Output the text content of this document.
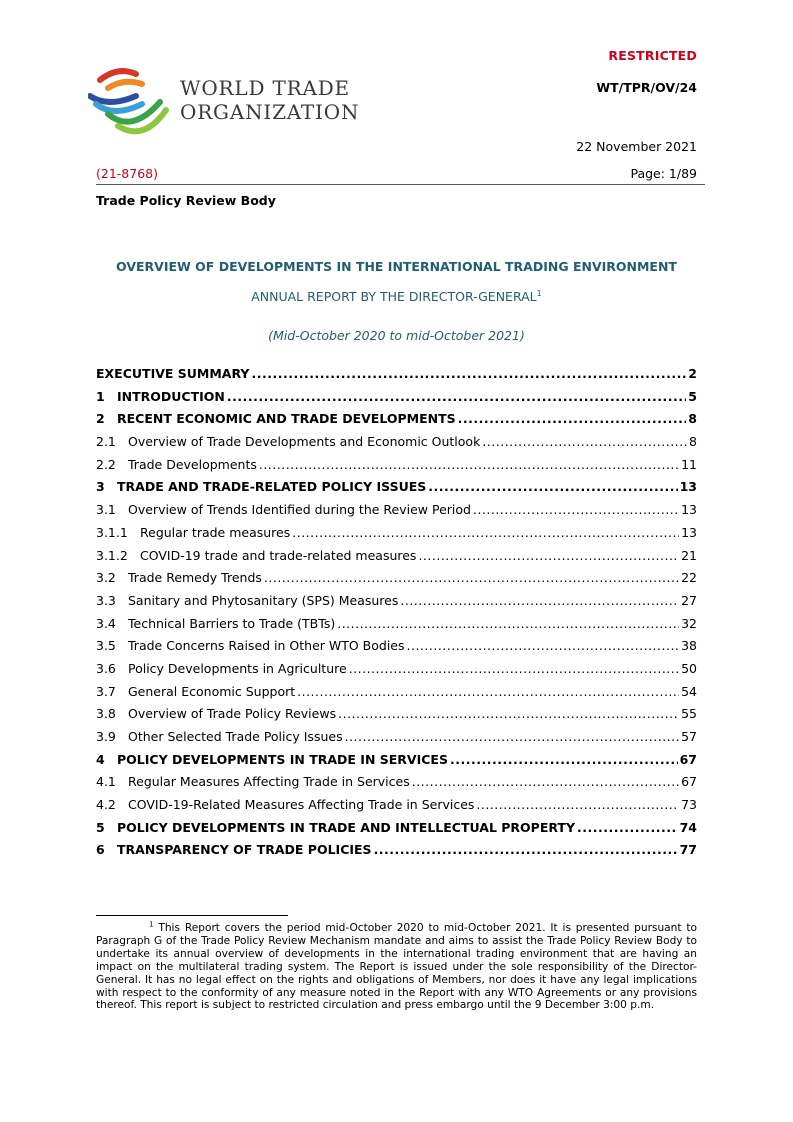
RESTRICTED
WT/TPR/OV/24
WORLD TRADE
ORGANIZATION
22 November 2021
(21-8768)	Page: 1/89
Trade Policy Review Body
OVERVIEW OF DEVELOPMENTS IN THE INTERNATIONAL TRADING ENVIRONMENT
ANNUAL REPORT BY THE DIRECTOR-GENERAL$^1$
(Mid-October 2020 to mid-October 2021)
EXECUTIVE SUMMARY .....	2
1 INTRODUCTION .....	5
2 RECENT ECONOMIC AND TRADE DEVELOPMENTS .....	8
2.1 Overview of Trade Developments and Economic Outlook .....	8
2.2 Trade Developments .....	11
3 TRADE AND TRADE-RELATED POLICY ISSUES .....	13
3.1 Overview of Trends Identified during the Review Period .....	13
3.1.1 Regular trade measures .....	13
3.1.2 COVID-19 trade and trade-related measures .....	21
3.2 Trade Remedy Trends .....	22
3.3 Sanitary and Phytosanitary (SPS) Measures .....	27
3.4 Technical Barriers to Trade (TBTs) .....	32
3.5 Trade Concerns Raised in Other WTO Bodies .....	38
3.6 Policy Developments in Agriculture .....	50
3.7 General Economic Support .....	54
3.8 Overview of Trade Policy Reviews .....	55
3.9 Other Selected Trade Policy Issues .....	57
4 POLICY DEVELOPMENTS IN TRADE IN SERVICES .....	67
4.1 Regular Measures Affecting Trade in Services .....	67
4.2 COVID-19-Related Measures Affecting Trade in Services .....	73
5 POLICY DEVELOPMENTS IN TRADE AND INTELLECTUAL PROPERTY .....	74
6 TRANSPARENCY OF TRADE POLICIES .....	77
$^1$ This Report covers the period mid-October 2020 to mid-October 2021. It is presented pursuant to Paragraph G of the Trade Policy Review Mechanism mandate and aims to assist the Trade Policy Review Body to undertake its annual overview of developments in the international trading environment that are having an impact on the multilateral trading system. The Report is issued under the sole responsibility of the Director-General. It has no legal effect on the rights and obligations of Members, nor does it have any legal implications with respect to the conformity of any measure noted in the Report with any WTO Agreements or any provisions thereof. This report is subject to restricted circulation and press embargo until the 9 December 3:00 p.m.
